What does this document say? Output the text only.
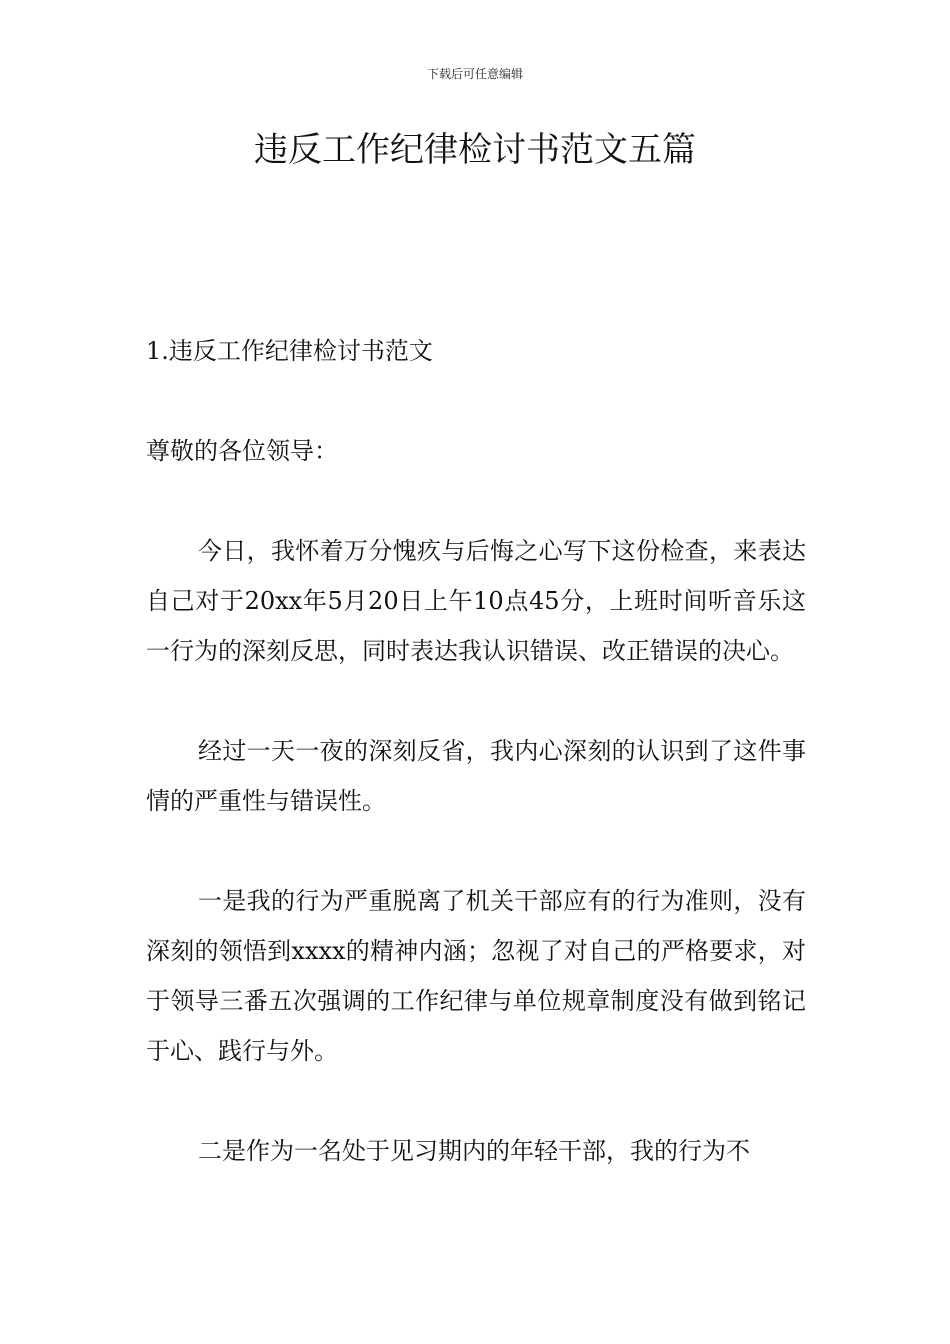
下载后可任意编辑
违反工作纪律检讨书范文五篇

1.违反工作纪律检讨书范文

尊敬的各位领导：

今日，我怀着万分愧疚与后悔之心写下这份检查，来表达自己对于20xx年5月20日上午10点45分，上班时间听音乐这一行为的深刻反思，同时表达我认识错误、改正错误的决心。

经过一天一夜的深刻反省，我内心深刻的认识到了这件事情的严重性与错误性。

一是我的行为严重脱离了机关干部应有的行为准则，没有深刻的领悟到xxxx的精神内涵；忽视了对自己的严格要求，对于领导三番五次强调的工作纪律与单位规章制度没有做到铭记于心、践行与外。

二是作为一名处于见习期内的年轻干部，我的行为不
